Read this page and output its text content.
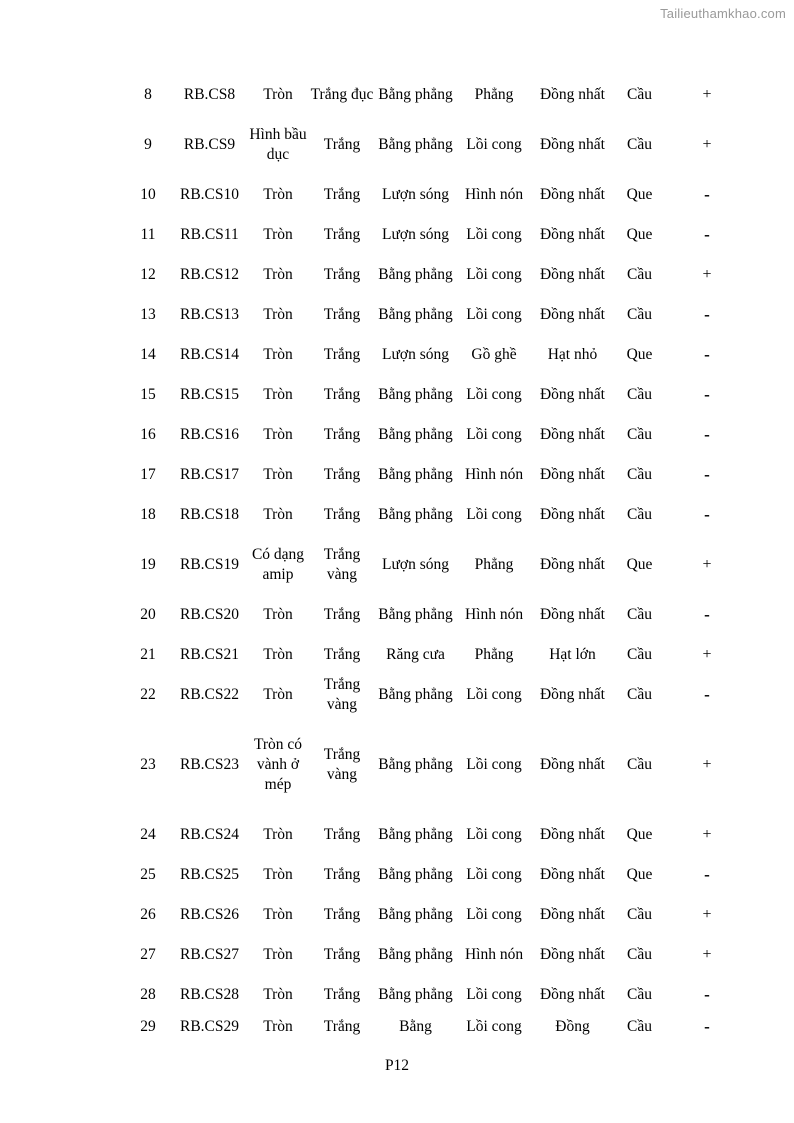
Tailieuthamkhao.com
8	RB.CS8	Tròn	Trắng đục	Bằng phẳng	Phẳng	Đồng nhất	Cầu	+
9	RB.CS9	Hình bầu dục	Trắng	Bằng phẳng	Lồi cong	Đồng nhất	Cầu	+
10	RB.CS10	Tròn	Trắng	Lượn sóng	Hình nón	Đồng nhất	Que	-
11	RB.CS11	Tròn	Trắng	Lượn sóng	Lồi cong	Đồng nhất	Que	-
12	RB.CS12	Tròn	Trắng	Bằng phẳng	Lồi cong	Đồng nhất	Cầu	+
13	RB.CS13	Tròn	Trắng	Bằng phẳng	Lồi cong	Đồng nhất	Cầu	-
14	RB.CS14	Tròn	Trắng	Lượn sóng	Gồ ghề	Hạt nhỏ	Que	-
15	RB.CS15	Tròn	Trắng	Bằng phẳng	Lồi cong	Đồng nhất	Cầu	-
16	RB.CS16	Tròn	Trắng	Bằng phẳng	Lồi cong	Đồng nhất	Cầu	-
17	RB.CS17	Tròn	Trắng	Bằng phẳng	Hình nón	Đồng nhất	Cầu	-
18	RB.CS18	Tròn	Trắng	Bằng phẳng	Lồi cong	Đồng nhất	Cầu	-
19	RB.CS19	Có dạng amip	Trắng vàng	Lượn sóng	Phẳng	Đồng nhất	Que	+
20	RB.CS20	Tròn	Trắng	Bằng phẳng	Hình nón	Đồng nhất	Cầu	-
21	RB.CS21	Tròn	Trắng	Răng cưa	Phẳng	Hạt lớn	Cầu	+
22	RB.CS22	Tròn	Trắng vàng	Bằng phẳng	Lồi cong	Đồng nhất	Cầu	-
23	RB.CS23	Tròn có vành ở mép	Trắng vàng	Bằng phẳng	Lồi cong	Đồng nhất	Cầu	+
24	RB.CS24	Tròn	Trắng	Bằng phẳng	Lồi cong	Đồng nhất	Que	+
25	RB.CS25	Tròn	Trắng	Bằng phẳng	Lồi cong	Đồng nhất	Que	-
26	RB.CS26	Tròn	Trắng	Bằng phẳng	Lồi cong	Đồng nhất	Cầu	+
27	RB.CS27	Tròn	Trắng	Bằng phẳng	Hình nón	Đồng nhất	Cầu	+
28	RB.CS28	Tròn	Trắng	Bằng phẳng	Lồi cong	Đồng nhất	Cầu	-
29	RB.CS29	Tròn	Trắng	Bằng	Lồi cong	Đồng	Cầu	-
P12
